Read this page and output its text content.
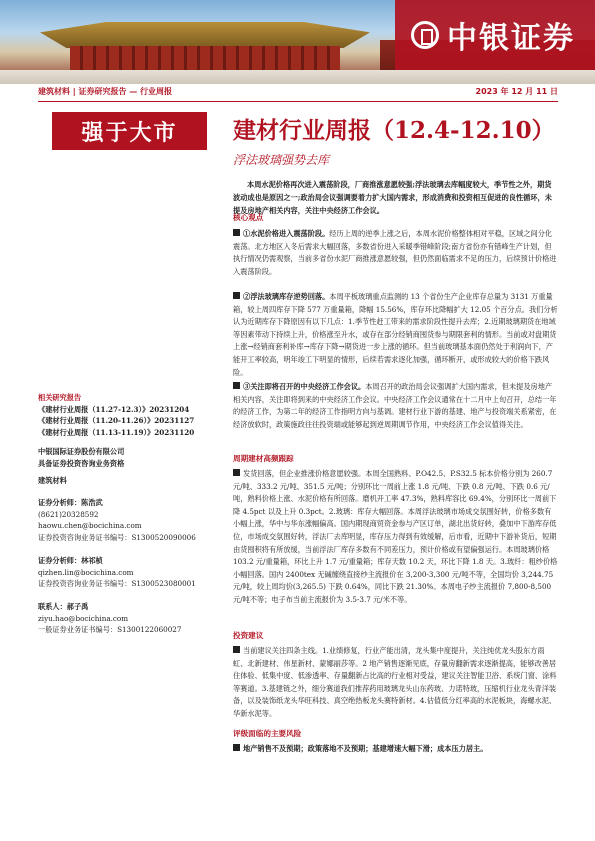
中银证券
建筑材料 | 证券研究报告 — 行业周报	2023 年 12 月 11 日
强于大市	建材行业周报（12.4-12.10）
浮法玻璃强势去库
本周水泥价格再次进入震荡阶段，厂商推涨意愿较强;浮法玻璃去库幅度较大，季节性之外，期货波动成也是原因之一;政治局会议强调要着力扩大国内需求，形成消费和投资相互促进的良性循环，未提及房地产相关内容，关注中央经济工作会议。
核心观点
①水泥价格进入震荡阶段。经历上周的逆季上涨之后，本周水泥价格整体相对平稳，区域之间分化震荡。北方地区入冬后需求大幅回落，多数省份进入采暖季错峰阶段;南方省份亦有错峰生产计划，但执行情况仍需观察，当前多省份水泥厂商推涨意愿较强，但仍然面临需求不足的压力，后续预计价格进入震荡阶段。
②浮法玻璃库存逆势回落。本周平板玻璃重点监测的 13 个省份生产企业库存总量为 3131 万重量箱，较上周四库存下降 577 万重量箱，降幅 15.56%，库存环比降幅扩大 12.05 个百分点。我们分析认为近期库存下降原因有以下几点：1.季节性赶工带来的需求阶段性提升去库；2.近期玻璃期货在地域等因素带动下持续上升，价格涨至升水，或存在部分经销商囤货参与期限套利的情形。当前或对盘期货上涨→经销商套利补库→库存下降→期货进一步上涨的循环。但当前玻璃基本面仍然处于利润向下，产能开工率较高，明年竣工下明显的情形，后续若需求逐化加强，循环断开，或形成较大的价格下跌风险。
③关注即将召开的中央经济工作会议。本周召开的政治局会议强调扩大国内需求，但未提及房地产相关内容，关注即将到来的中央经济工作会议。中央经济工作会议通常在十二月中上旬召开，总结一年的经济工作，为第二年的经济工作指明方向与基调。建材行业下游的基建、地产与投资端关系紧密，在经济放软时，政策施政往往投资端或能够起到逆周期调节作用，中央经济工作会议值得关注。
周期建材高频跟踪
发货回落，但企业推涨价格意愿较强。本周全国熟料、P.O42.5、P.S32.5 标本价格分别为 260.7 元/吨、333.2 元/吨、351.5 元/吨；分别环比一周前上涨 1.8 元/吨、下跌 0.8 元/吨、下跌 0.6 元/吨，熟料价格上涨、水泥价格有所回落。磨机开工率 47.3%，熟料库容比 69.4%，分别环比一周前下降 4.5pct 以及上升 0.3pct。2.玻璃：库存大幅回落。本周浮法玻璃市场成交氛围好转，价格多数有小幅上涨，华中与华东涨幅偏高。国内期现商贸资金参与产区订单，湖北出货好转，叠加中下游库存低位，市场成交氛围好转，浮法厂去库明显，库存压力得到有效缓解，后市看，近期中下游补货后，短期由货囤积将有所放缓，当前浮法厂库存多数有不同差压力，预计价格或有望偏强运行。本周玻璃价格 103.2 元/重量箱，环比上升 1.7 元/重量箱；库存天数 10.2 天，环比下降 1.8 天。3.玻纤：粗纱价格小幅回落。国内 2400tex 无碱缠绕直接纱主流报价在 3,200-3,300 元/吨不等，全国均价 3,244.75 元/吨，较上周均价(3,265.5) 下跌 0.64%，同比下跌 21.30%。本周电子纱主流报价 7,800-8,500 元/吨不等；电子布当前主流报价为 3.5-3.7 元/米不等。
投资建议
当前建议关注四条主线。1.业绩修复，行业产能出清，龙头集中度提升，关注纯优龙头股东方雨虹、北新建材、伟星新材、蒙娜丽莎等。2 地产销售逐渐见底，存量房翻新需求逐渐提高，能够改善居住体验、低集中度、低渗透率、存量翻新占比高的行业相对受益，建议关注智能卫浴、系统门窗、涂料等赛道。3.基建链之外，细分赛道我们推荐药用玻璃龙头山东药玻、力诺特玻，压缩机行业龙头青洋装备，以及装饰纸龙头华旺科技、真空绝热板龙头赛特新材。4.估值低分红率高的水泥板块，海螺水泥、华新水泥等。
评级面临的主要风险
地产销售不及预期；政策落地不及预期；基建增速大幅下滑；成本压力居主。
相关研究报告
《建材行业周报（11.27-12.3）》20231204
《建材行业周报（11.20-11.26）》20231127
《建材行业周报（11.13-11.19）》20231120
中银国际证券股份有限公司
具备证券投资咨询业务资格
建筑材料
证券分析师：陈浩武
(8621)20328592
haowu.chen@bocichina.com
证券投资咨询业务证书编号：S1300520090006
证券分析师：林祁桢
qizhen.lin@bocichina.com
证券投资咨询业务证书编号：S1300523080001
联系人：郝子禹
ziyu.hao@bocichina.com
一般证券业务证书编号：S1300122060027
